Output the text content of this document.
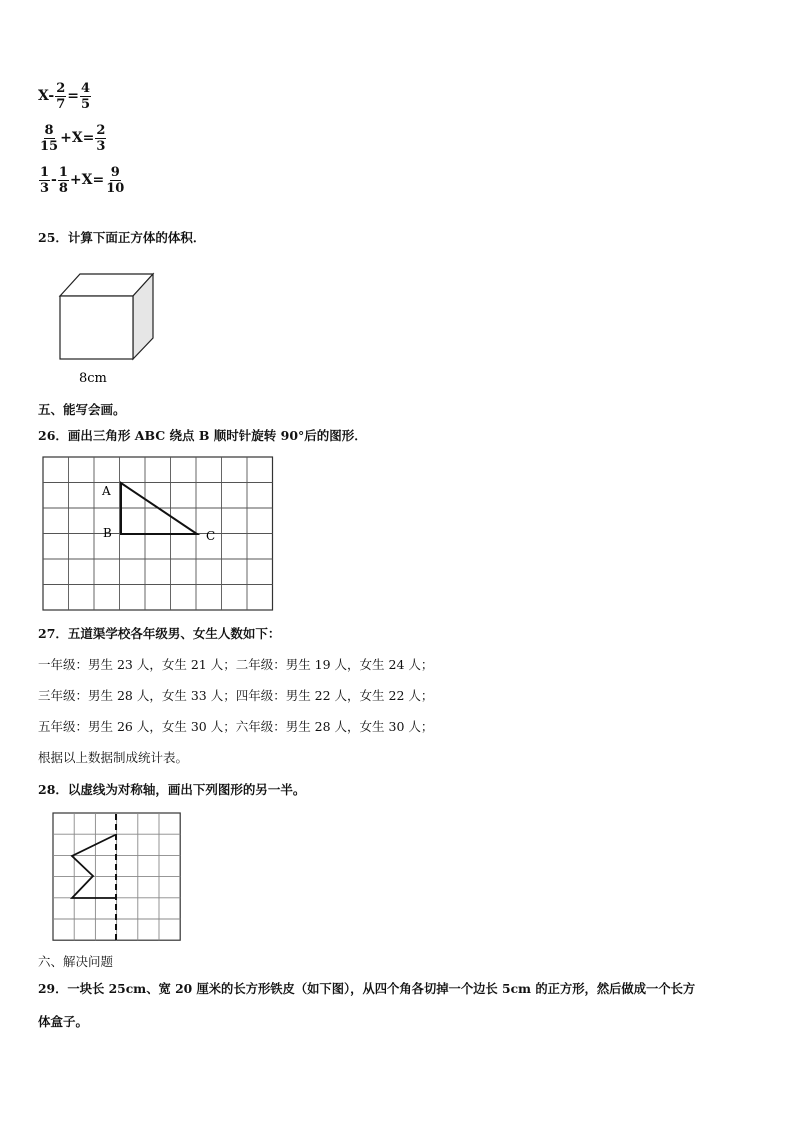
$X- \frac{2}{7} = \frac{4}{5}$
$\frac{8}{15} +X= \frac{2}{3}$
$\frac{1}{3} - \frac{1}{8} +X= \frac{9}{10}$
25．计算下面正方体的体积．
8cm
五、能写会画。
26．画出三角形 ABC 绕点 B 顺时针旋转 90°后的图形．
A
B	C
27．五道渠学校各年级男、女生人数如下：
一年级：男生 23 人，女生 21 人；二年级：男生 19 人，女生 24 人；
三年级：男生 28 人，女生 33 人；四年级：男生 22 人，女生 22 人；
五年级：男生 26 人，女生 30 人；六年级：男生 28 人，女生 30 人；
根据以上数据制成统计表。
28．以虚线为对称轴，画出下列图形的另一半。
六、解决问题
29．一块长 25cm、宽 20 厘米的长方形铁皮（如下图），从四个角各切掉一个边长 5cm 的正方形，然后做成一个长方
体盒子。
